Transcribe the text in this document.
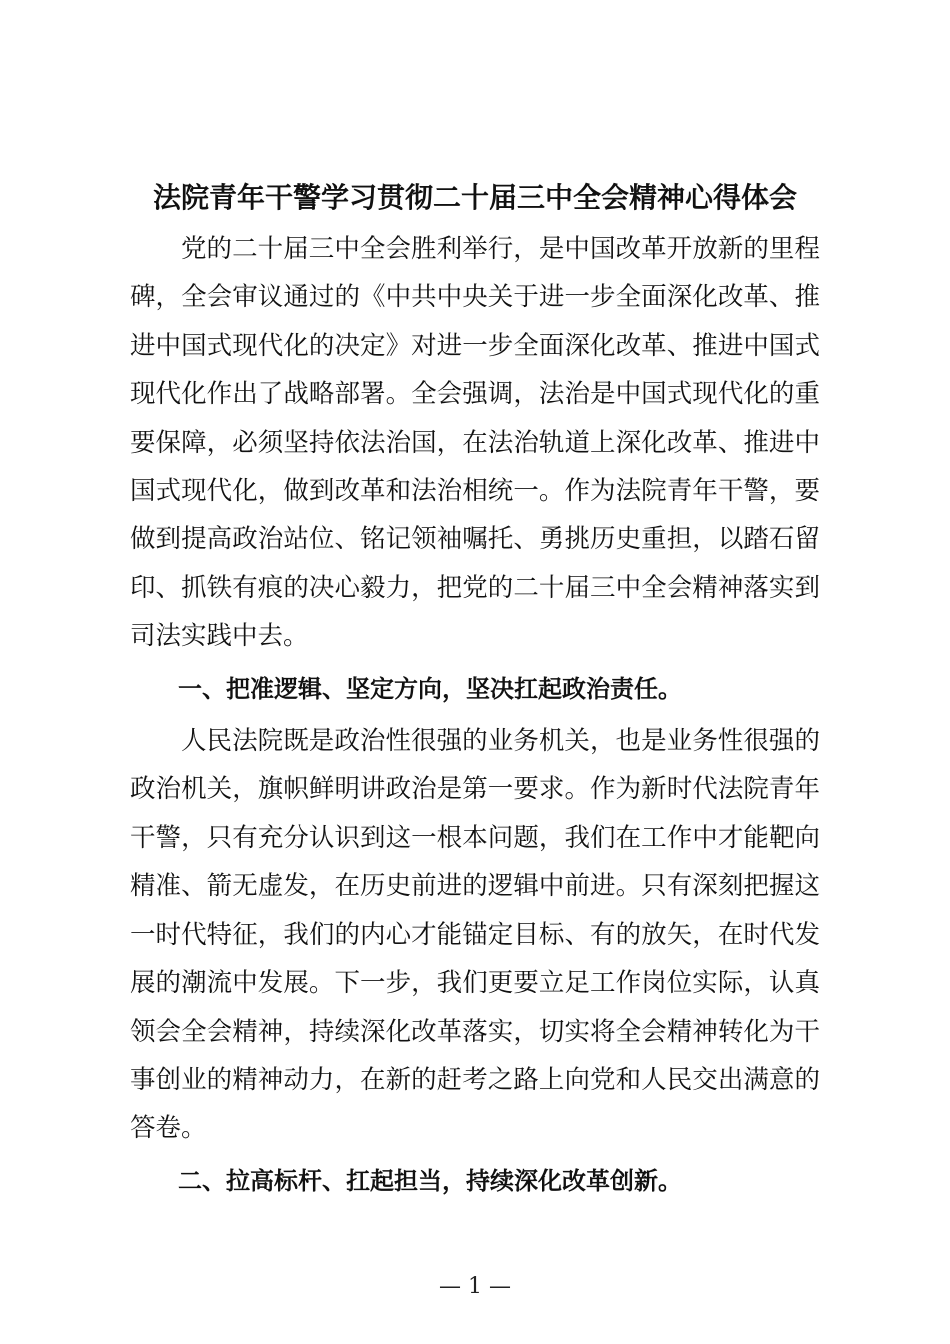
法院青年干警学习贯彻二十届三中全会精神心得体会

党的二十届三中全会胜利举行，是中国改革开放新的里程碑，全会审议通过的《中共中央关于进一步全面深化改革、推进中国式现代化的决定》对进一步全面深化改革、推进中国式现代化作出了战略部署。全会强调，法治是中国式现代化的重要保障，必须坚持依法治国，在法治轨道上深化改革、推进中国式现代化，做到改革和法治相统一。作为法院青年干警，要做到提高政治站位、铭记领袖嘱托、勇挑历史重担，以踏石留印、抓铁有痕的决心毅力，把党的二十届三中全会精神落实到司法实践中去。

一、把准逻辑、坚定方向，坚决扛起政治责任。

人民法院既是政治性很强的业务机关，也是业务性很强的政治机关，旗帜鲜明讲政治是第一要求。作为新时代法院青年干警，只有充分认识到这一根本问题，我们在工作中才能靶向精准、箭无虚发，在历史前进的逻辑中前进。只有深刻把握这一时代特征，我们的内心才能锚定目标、有的放矢，在时代发展的潮流中发展。下一步，我们更要立足工作岗位实际，认真领会全会精神，持续深化改革落实，切实将全会精神转化为干事创业的精神动力，在新的赶考之路上向党和人民交出满意的答卷。

二、拉高标杆、扛起担当，持续深化改革创新。

— 1 —
